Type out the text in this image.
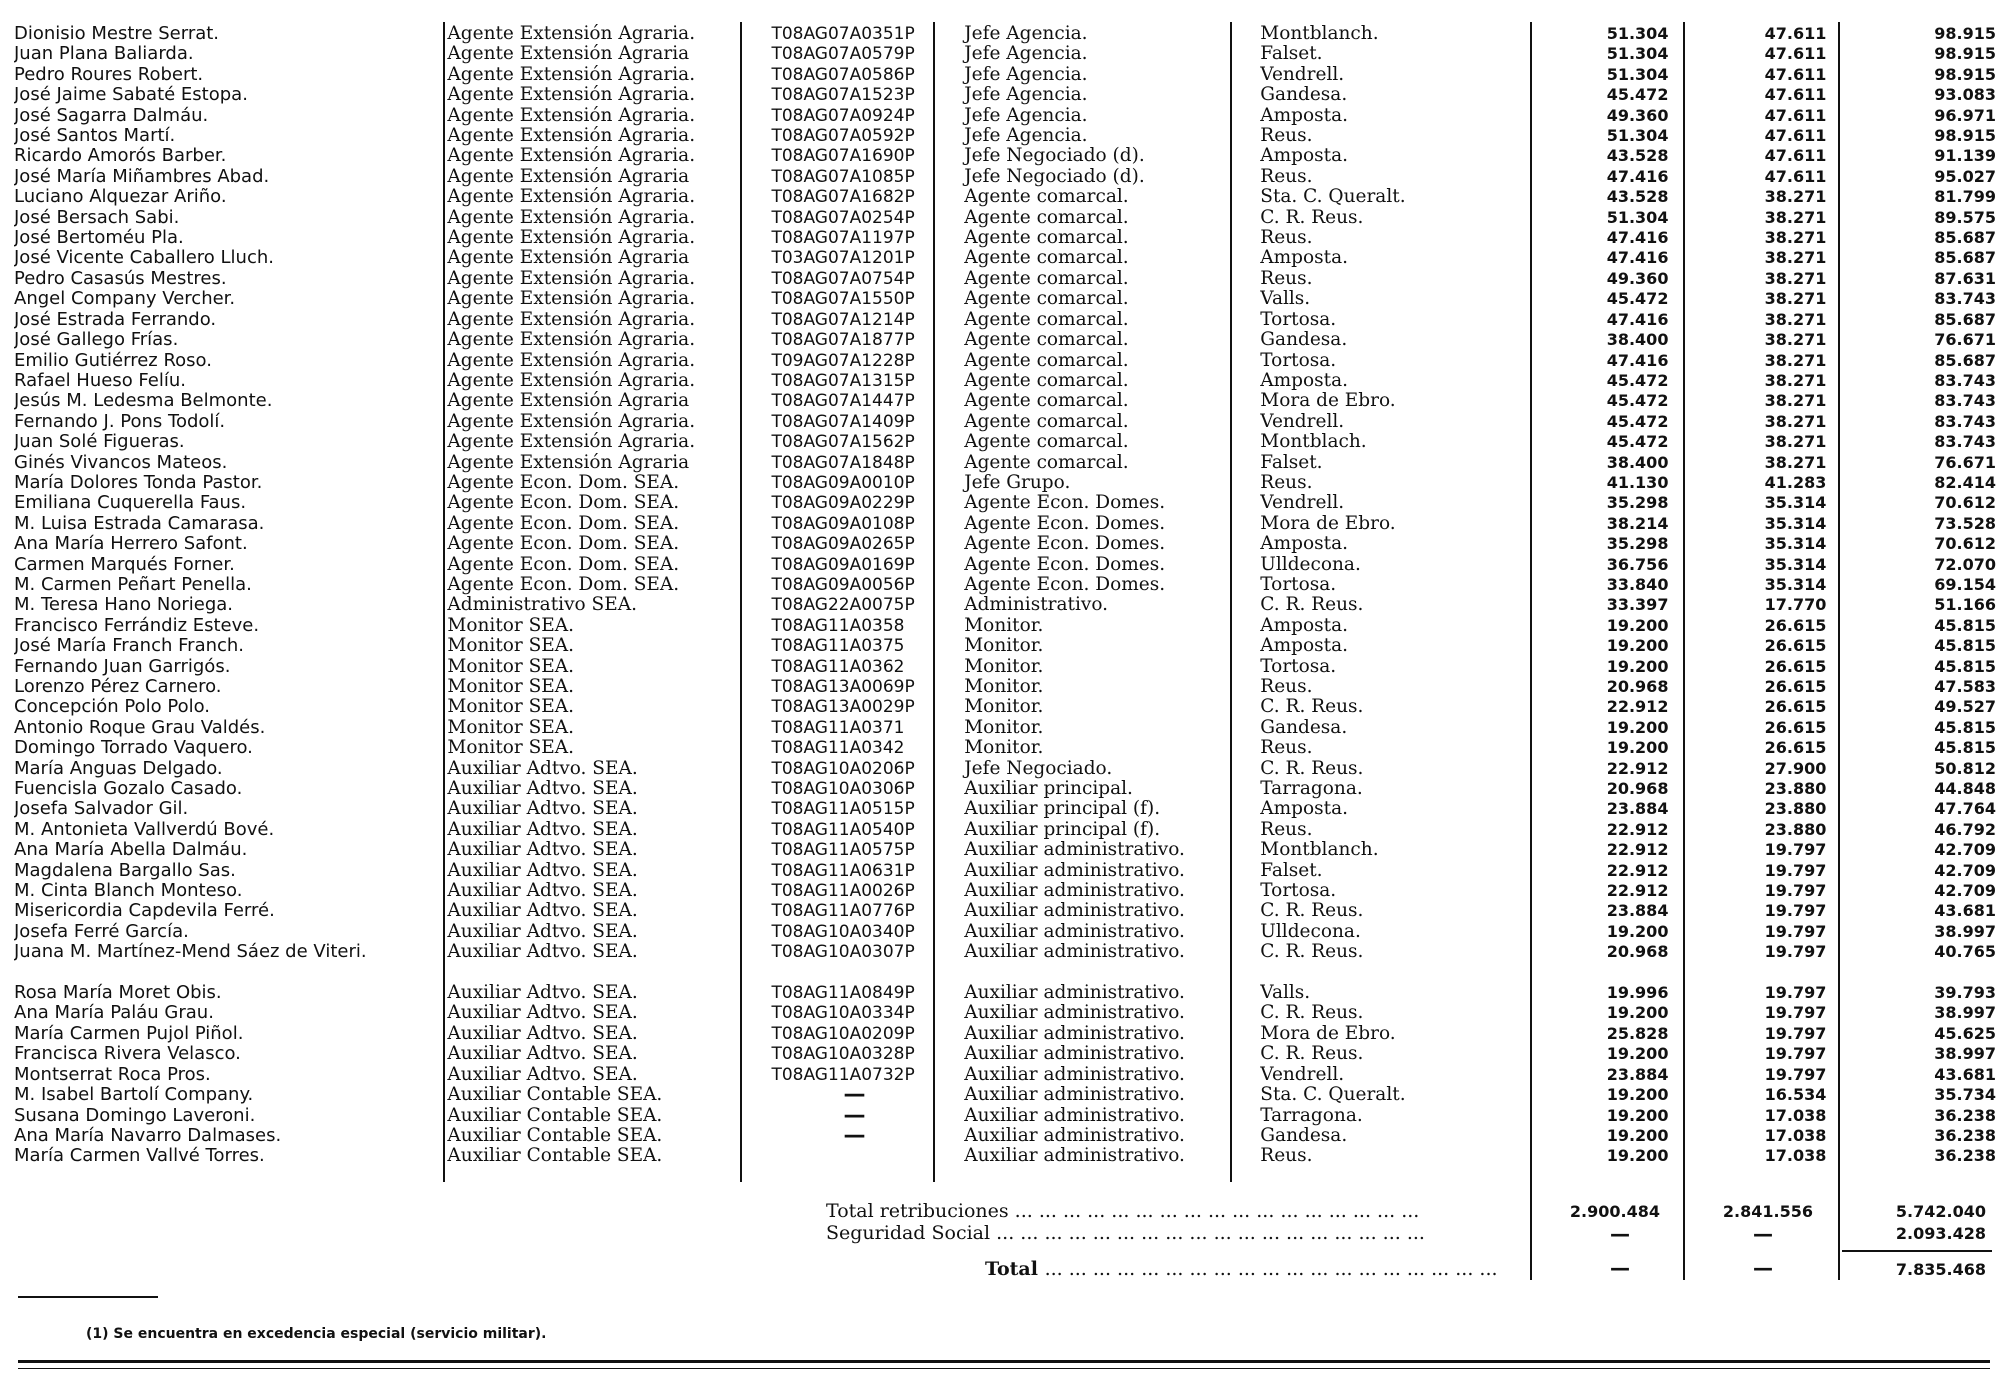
Dionisio Mestre Serrat.	Agente Extensión Agraria.	T08AG07A0351P	Jefe Agencia.	Montblanch.	51.304	47.611	98.915
Juan Plana Baliarda.	Agente Extensión Agraria	T08AG07A0579P	Jefe Agencia.	Falset.	51.304	47.611	98.915
Pedro Roures Robert.	Agente Extensión Agraria.	T08AG07A0586P	Jefe Agencia.	Vendrell.	51.304	47.611	98.915
José Jaime Sabaté Estopa.	Agente Extensión Agraria.	T08AG07A1523P	Jefe Agencia.	Gandesa.	45.472	47.611	93.083
José Sagarra Dalmáu.	Agente Extensión Agraria.	T08AG07A0924P	Jefe Agencia.	Amposta.	49.360	47.611	96.971
José Santos Martí.	Agente Extensión Agraria.	T08AG07A0592P	Jefe Agencia.	Reus.	51.304	47.611	98.915
Ricardo Amorós Barber.	Agente Extensión Agraria.	T08AG07A1690P	Jefe Negociado (d).	Amposta.	43.528	47.611	91.139
José María Miñambres Abad.	Agente Extensión Agraria	T08AG07A1085P	Jefe Negociado (d).	Reus.	47.416	47.611	95.027
Luciano Alquezar Ariño.	Agente Extensión Agraria.	T08AG07A1682P	Agente comarcal.	Sta. C. Queralt.	43.528	38.271	81.799
José Bersach Sabi.	Agente Extensión Agraria.	T08AG07A0254P	Agente comarcal.	C. R. Reus.	51.304	38.271	89.575
José Bertoméu Pla.	Agente Extensión Agraria.	T08AG07A1197P	Agente comarcal.	Reus.	47.416	38.271	85.687
José Vicente Caballero Lluch.	Agente Extensión Agraria	T03AG07A1201P	Agente comarcal.	Amposta.	47.416	38.271	85.687
Pedro Casasús Mestres.	Agente Extensión Agraria.	T08AG07A0754P	Agente comarcal.	Reus.	49.360	38.271	87.631
Angel Company Vercher.	Agente Extensión Agraria.	T08AG07A1550P	Agente comarcal.	Valls.	45.472	38.271	83.743
José Estrada Ferrando.	Agente Extensión Agraria.	T08AG07A1214P	Agente comarcal.	Tortosa.	47.416	38.271	85.687
José Gallego Frías.	Agente Extensión Agraria.	T08AG07A1877P	Agente comarcal.	Gandesa.	38.400	38.271	76.671
Emilio Gutiérrez Roso.	Agente Extensión Agraria.	T09AG07A1228P	Agente comarcal.	Tortosa.	47.416	38.271	85.687
Rafael Hueso Felíu.	Agente Extensión Agraria.	T08AG07A1315P	Agente comarcal.	Amposta.	45.472	38.271	83.743
Jesús M. Ledesma Belmonte.	Agente Extensión Agraria	T08AG07A1447P	Agente comarcal.	Mora de Ebro.	45.472	38.271	83.743
Fernando J. Pons Todolí.	Agente Extensión Agraria.	T08AG07A1409P	Agente comarcal.	Vendrell.	45.472	38.271	83.743
Juan Solé Figueras.	Agente Extensión Agraria.	T08AG07A1562P	Agente comarcal.	Montblach.	45.472	38.271	83.743
Ginés Vivancos Mateos.	Agente Extensión Agraria	T08AG07A1848P	Agente comarcal.	Falset.	38.400	38.271	76.671
María Dolores Tonda Pastor.	Agente Econ. Dom. SEA.	T08AG09A0010P	Jefe Grupo.	Reus.	41.130	41.283	82.414
Emiliana Cuquerella Faus.	Agente Econ. Dom. SEA.	T08AG09A0229P	Agente Econ. Domes.	Vendrell.	35.298	35.314	70.612
M. Luisa Estrada Camarasa.	Agente Econ. Dom. SEA.	T08AG09A0108P	Agente Econ. Domes.	Mora de Ebro.	38.214	35.314	73.528
Ana María Herrero Safont.	Agente Econ. Dom. SEA.	T08AG09A0265P	Agente Econ. Domes.	Amposta.	35.298	35.314	70.612
Carmen Marqués Forner.	Agente Econ. Dom. SEA.	T08AG09A0169P	Agente Econ. Domes.	Ulldecona.	36.756	35.314	72.070
M. Carmen Peñart Penella.	Agente Econ. Dom. SEA.	T08AG09A0056P	Agente Econ. Domes.	Tortosa.	33.840	35.314	69.154
M. Teresa Hano Noriega.	Administrativo SEA.	T08AG22A0075P	Administrativo.	C. R. Reus.	33.397	17.770	51.166
Francisco Ferrándiz Esteve.	Monitor SEA.	T08AG11A0358	Monitor.	Amposta.	19.200	26.615	45.815
José María Franch Franch.	Monitor SEA.	T08AG11A0375	Monitor.	Amposta.	19.200	26.615	45.815
Fernando Juan Garrigós.	Monitor SEA.	T08AG11A0362	Monitor.	Tortosa.	19.200	26.615	45.815
Lorenzo Pérez Carnero.	Monitor SEA.	T08AG13A0069P	Monitor.	Reus.	20.968	26.615	47.583
Concepción Polo Polo.	Monitor SEA.	T08AG13A0029P	Monitor.	C. R. Reus.	22.912	26.615	49.527
Antonio Roque Grau Valdés.	Monitor SEA.	T08AG11A0371	Monitor.	Gandesa.	19.200	26.615	45.815
Domingo Torrado Vaquero.	Monitor SEA.	T08AG11A0342	Monitor.	Reus.	19.200	26.615	45.815
María Anguas Delgado.	Auxiliar Adtvo. SEA.	T08AG10A0206P	Jefe Negociado.	C. R. Reus.	22.912	27.900	50.812
Fuencisla Gozalo Casado.	Auxiliar Adtvo. SEA.	T08AG10A0306P	Auxiliar principal.	Tarragona.	20.968	23.880	44.848
Josefa Salvador Gil.	Auxiliar Adtvo. SEA.	T08AG11A0515P	Auxiliar principal (f).	Amposta.	23.884	23.880	47.764
M. Antonieta Vallverdú Bové.	Auxiliar Adtvo. SEA.	T08AG11A0540P	Auxiliar principal (f).	Reus.	22.912	23.880	46.792
Ana María Abella Dalmáu.	Auxiliar Adtvo. SEA.	T08AG11A0575P	Auxiliar administrativo.	Montblanch.	22.912	19.797	42.709
Magdalena Bargallo Sas.	Auxiliar Adtvo. SEA.	T08AG11A0631P	Auxiliar administrativo.	Falset.	22.912	19.797	42.709
M. Cinta Blanch Monteso.	Auxiliar Adtvo. SEA.	T08AG11A0026P	Auxiliar administrativo.	Tortosa.	22.912	19.797	42.709
Misericordia Capdevila Ferré.	Auxiliar Adtvo. SEA.	T08AG11A0776P	Auxiliar administrativo.	C. R. Reus.	23.884	19.797	43.681
Josefa Ferré García.	Auxiliar Adtvo. SEA.	T08AG10A0340P	Auxiliar administrativo.	Ulldecona.	19.200	19.797	38.997
Juana M. Martínez-Mend Sáez de Viteri.	Auxiliar Adtvo. SEA.	T08AG10A0307P	Auxiliar administrativo.	C. R. Reus.	20.968	19.797	40.765
Rosa María Moret Obis.	Auxiliar Adtvo. SEA.	T08AG11A0849P	Auxiliar administrativo.	Valls.	19.996	19.797	39.793
Ana María Paláu Grau.	Auxiliar Adtvo. SEA.	T08AG10A0334P	Auxiliar administrativo.	C. R. Reus.	19.200	19.797	38.997
María Carmen Pujol Piñol.	Auxiliar Adtvo. SEA.	T08AG10A0209P	Auxiliar administrativo.	Mora de Ebro.	25.828	19.797	45.625
Francisca Rivera Velasco.	Auxiliar Adtvo. SEA.	T08AG10A0328P	Auxiliar administrativo.	C. R. Reus.	19.200	19.797	38.997
Montserrat Roca Pros.	Auxiliar Adtvo. SEA.	T08AG11A0732P	Auxiliar administrativo.	Vendrell.	23.884	19.797	43.681
M. Isabel Bartolí Company.	Auxiliar Contable SEA.	—	Auxiliar administrativo.	Sta. C. Queralt.	19.200	16.534	35.734
Susana Domingo Laveroni.	Auxiliar Contable SEA.	—	Auxiliar administrativo.	Tarragona.	19.200	17.038	36.238
Ana María Navarro Dalmases.	Auxiliar Contable SEA.	—	Auxiliar administrativo.	Gandesa.	19.200	17.038	36.238
María Carmen Vallvé Torres.	Auxiliar Contable SEA.		Auxiliar administrativo.	Reus.	19.200	17.038	36.238
Total retribuciones ... ... ... ... ... ... ... ... ... ... ... ... ... ... ... ... ...	2.900.484	2.841.556	5.742.040
Seguridad Social ... ... ... ... ... ... ... ... ... ... ... ... ... ... ... ... ... ...	—	—	2.093.428
Total ... ... ... ... ... ... ... ... ... ... ... ... ... ... ... ... ... ... ...	—	—	7.835.468
(1) Se encuentra en excedencia especial (servicio militar).
